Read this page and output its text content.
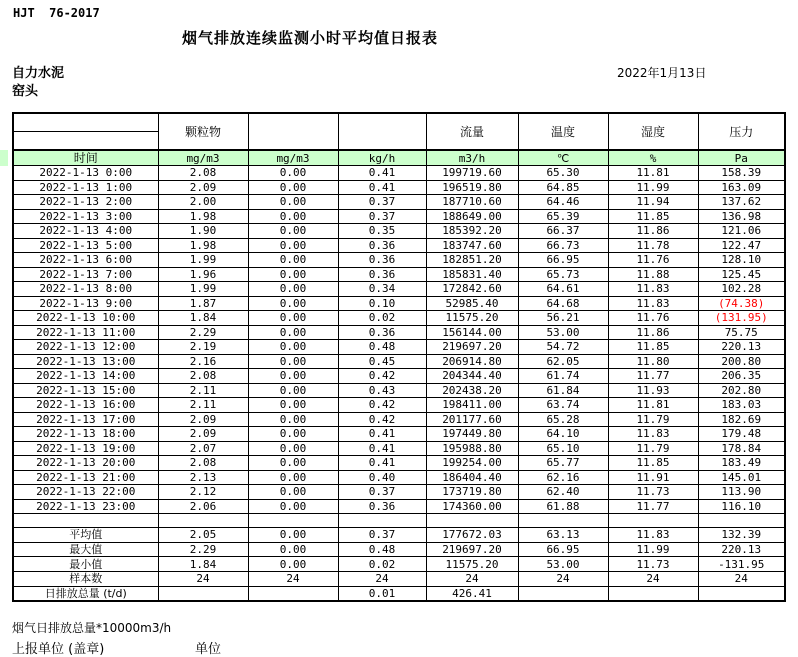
HJT  76-2017
烟气排放连续监测小时平均值日报表
自力水泥
窑头
2022年1月13日
	颗粒物			流量	温度	湿度	压力

时间	mg/m3	mg/m3	kg/h	m3/h	℃	%	Pa
2022-1-13 0:00	2.08	0.00	0.41	199719.60	65.30	11.81	158.39
2022-1-13 1:00	2.09	0.00	0.41	196519.80	64.85	11.99	163.09
2022-1-13 2:00	2.00	0.00	0.37	187710.60	64.46	11.94	137.62
2022-1-13 3:00	1.98	0.00	0.37	188649.00	65.39	11.85	136.98
2022-1-13 4:00	1.90	0.00	0.35	185392.20	66.37	11.86	121.06
2022-1-13 5:00	1.98	0.00	0.36	183747.60	66.73	11.78	122.47
2022-1-13 6:00	1.99	0.00	0.36	182851.20	66.95	11.76	128.10
2022-1-13 7:00	1.96	0.00	0.36	185831.40	65.73	11.88	125.45
2022-1-13 8:00	1.99	0.00	0.34	172842.60	64.61	11.83	102.28
2022-1-13 9:00	1.87	0.00	0.10	52985.40	64.68	11.83	(74.38)
2022-1-13 10:00	1.84	0.00	0.02	11575.20	56.21	11.76	(131.95)
2022-1-13 11:00	2.29	0.00	0.36	156144.00	53.00	11.86	75.75
2022-1-13 12:00	2.19	0.00	0.48	219697.20	54.72	11.85	220.13
2022-1-13 13:00	2.16	0.00	0.45	206914.80	62.05	11.80	200.80
2022-1-13 14:00	2.08	0.00	0.42	204344.40	61.74	11.77	206.35
2022-1-13 15:00	2.11	0.00	0.43	202438.20	61.84	11.93	202.80
2022-1-13 16:00	2.11	0.00	0.42	198411.00	63.74	11.81	183.03
2022-1-13 17:00	2.09	0.00	0.42	201177.60	65.28	11.79	182.69
2022-1-13 18:00	2.09	0.00	0.41	197449.80	64.10	11.83	179.48
2022-1-13 19:00	2.07	0.00	0.41	195988.80	65.10	11.79	178.84
2022-1-13 20:00	2.08	0.00	0.41	199254.00	65.77	11.85	183.49
2022-1-13 21:00	2.13	0.00	0.40	186404.40	62.16	11.91	145.01
2022-1-13 22:00	2.12	0.00	0.37	173719.80	62.40	11.73	113.90
2022-1-13 23:00	2.06	0.00	0.36	174360.00	61.88	11.77	116.10

平均值	2.05	0.00	0.37	177672.03	63.13	11.83	132.39
最大值	2.29	0.00	0.48	219697.20	66.95	11.99	220.13
最小值	1.84	0.00	0.02	11575.20	53.00	11.73	-131.95
样本数	24	24	24	24	24	24	24
日排放总量 (t/d)			0.01	426.41			
烟气日排放总量*10000m3/h
上报单位 (盖章)	单位
